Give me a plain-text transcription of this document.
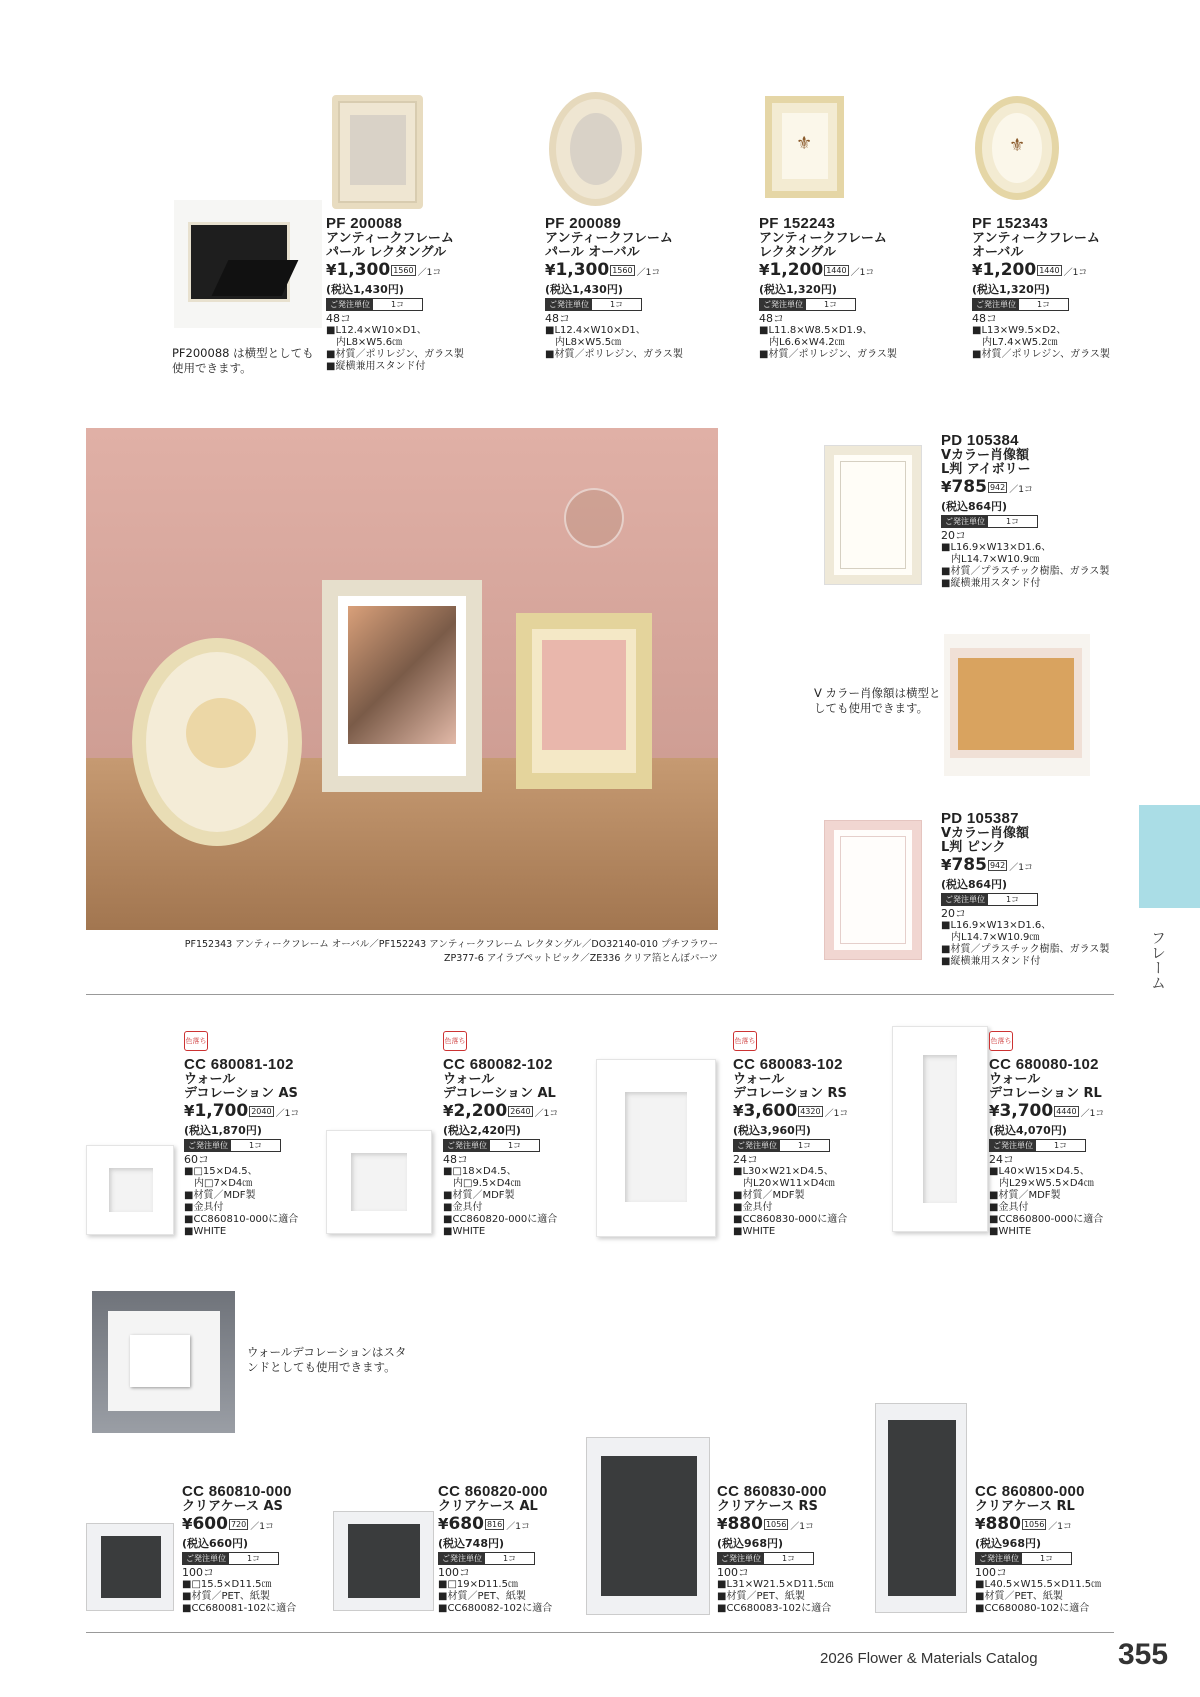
⚜	⚜
PF 200088
アンティークフレーム
パール レクタングル
¥1,300 1560 ／1コ
(税込1,430円)
ご発注単位	1コ
48コ
■L12.4×W10×D1、
　内L8×W5.6㎝
■材質／ポリレジン、ガラス製
■縦横兼用スタンド付
PF 200089
アンティークフレーム
パール オーバル
¥1,300 1560 ／1コ
(税込1,430円)
ご発注単位	1コ
48コ
■L12.4×W10×D1、
　内L8×W5.5㎝
■材質／ポリレジン、ガラス製
PF 152243
アンティークフレーム
レクタングル
¥1,200 1440 ／1コ
(税込1,320円)
ご発注単位	1コ
48コ
■L11.8×W8.5×D1.9、
　内L6.6×W4.2㎝
■材質／ポリレジン、ガラス製
PF 152343
アンティークフレーム
オーバル
¥1,200 1440 ／1コ
(税込1,320円)
ご発注単位	1コ
48コ
■L13×W9.5×D2、
　内L7.4×W5.2㎝
■材質／ポリレジン、ガラス製
PF200088 は横型としても使用できます。
PF152343 アンティークフレーム オーバル／PF152243 アンティークフレーム レクタングル／DO32140-010 プチフラワー
ZP377-6 アイラブペットピック／ZE336 クリア箔とんぼパーツ
PD 105384
Vカラー肖像額
L判 アイボリー
¥785 942 ／1コ
(税込864円)
ご発注単位	1コ
20コ
■L16.9×W13×D1.6、
　内L14.7×W10.9㎝
■材質／プラスチック樹脂、ガラス製
■縦横兼用スタンド付
V カラー肖像額は横型としても使用できます。
PD 105387
Vカラー肖像額
L判 ピンク
¥785 942 ／1コ
(税込864円)
ご発注単位	1コ
20コ
■L16.9×W13×D1.6、
　内L14.7×W10.9㎝
■材質／プラスチック樹脂、ガラス製
■縦横兼用スタンド付	フレーム
色落ち
CC 680081-102
ウォール
デコレーション AS
¥1,700 2040 ／1コ
(税込1,870円)
ご発注単位	1コ
60コ
■□15×D4.5、
　内□7×D4㎝
■材質／MDF製
■金具付
■CC860810-000に適合
■WHITE
色落ち
CC 680082-102
ウォール
デコレーション AL
¥2,200 2640 ／1コ
(税込2,420円)
ご発注単位	1コ
48コ
■□18×D4.5、
　内□9.5×D4㎝
■材質／MDF製
■金具付
■CC860820-000に適合
■WHITE
色落ち
CC 680083-102
ウォール
デコレーション RS
¥3,600 4320 ／1コ
(税込3,960円)
ご発注単位	1コ
24コ
■L30×W21×D4.5、
　内L20×W11×D4㎝
■材質／MDF製
■金具付
■CC860830-000に適合
■WHITE
色落ち
CC 680080-102
ウォール
デコレーション RL
¥3,700 4440 ／1コ
(税込4,070円)
ご発注単位	1コ
24コ
■L40×W15×D4.5、
　内L29×W5.5×D4㎝
■材質／MDF製
■金具付
■CC860800-000に適合
■WHITE
ウォールデコレーションはスタンドとしても使用できます。
CC 860810-000
クリアケース AS
¥600 720 ／1コ
(税込660円)
ご発注単位	1コ
100コ
■□15.5×D11.5㎝
■材質／PET、紙製
■CC680081-102に適合
CC 860820-000
クリアケース AL
¥680 816 ／1コ
(税込748円)
ご発注単位	1コ
100コ
■□19×D11.5㎝
■材質／PET、紙製
■CC680082-102に適合
CC 860830-000
クリアケース RS
¥880 1056 ／1コ
(税込968円)
ご発注単位	1コ
100コ
■L31×W21.5×D11.5㎝
■材質／PET、紙製
■CC680083-102に適合
CC 860800-000
クリアケース RL
¥880 1056 ／1コ
(税込968円)
ご発注単位	1コ
100コ
■L40.5×W15.5×D11.5㎝
■材質／PET、紙製
■CC680080-102に適合
2026 Flower & Materials Catalog	355
